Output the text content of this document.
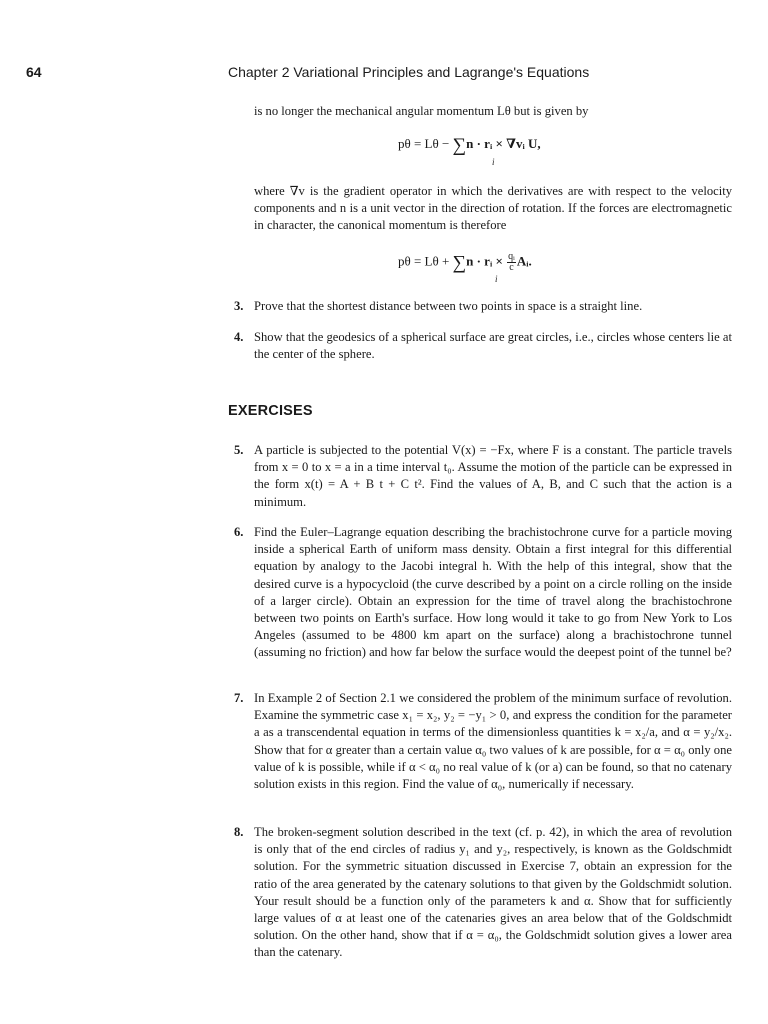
64	Chapter 2 Variational Principles and Lagrange's Equations

is no longer the mechanical angular momentum Lθ but is given by

pθ = Lθ − ∑n · rᵢ × ∇vᵢ U,
i

where ∇v is the gradient operator in which the derivatives are with respect to the velocity components and n is a unit vector in the direction of rotation. If the forces are electromagnetic in character, the canonical momentum is therefore

pθ = Lθ + ∑n · rᵢ × $\frac{\text{qᵢ}}{c}$ Aᵢ.
i
3. Prove that the shortest distance between two points in space is a straight line.
4. Show that the geodesics of a spherical surface are great circles, i.e., circles whose centers lie at the center of the sphere.
EXERCISES
5. A particle is subjected to the potential V(x) = −Fx, where F is a constant. The particle travels from x = 0 to x = a in a time interval t₀. Assume the motion of the particle can be expressed in the form x(t) = A + B t + C t². Find the values of A, B, and C such that the action is a minimum.
6. Find the Euler–Lagrange equation describing the brachistochrone curve for a particle moving inside a spherical Earth of uniform mass density. Obtain a first integral for this differential equation by analogy to the Jacobi integral h. With the help of this integral, show that the desired curve is a hypocycloid (the curve described by a point on a circle rolling on the inside of a larger circle). Obtain an expression for the time of travel along the brachistochrone between two points on Earth's surface. How long would it take to go from New York to Los Angeles (assumed to be 4800 km apart on the surface) along a brachistochrone tunnel (assuming no friction) and how far below the surface would the deepest point of the tunnel be?
7. In Example 2 of Section 2.1 we considered the problem of the minimum surface of revolution. Examine the symmetric case x₁ = x₂, y₂ = −y₁ > 0, and express the condition for the parameter a as a transcendental equation in terms of the dimensionless quantities k = x₂/a, and α = y₂/x₂. Show that for α greater than a certain value α₀ two values of k are possible, for α = α₀ only one value of k is possible, while if α < α₀ no real value of k (or a) can be found, so that no catenary solution exists in this region. Find the value of α₀, numerically if necessary.
8. The broken-segment solution described in the text (cf. p. 42), in which the area of revolution is only that of the end circles of radius y₁ and y₂, respectively, is known as the Goldschmidt solution. For the symmetric situation discussed in Exercise 7, obtain an expression for the ratio of the area generated by the catenary solutions to that given by the Goldschmidt solution. Your result should be a function only of the parameters k and α. Show that for sufficiently large values of α at least one of the catenaries gives an area below that of the Goldschmidt solution. On the other hand, show that if α = α₀, the Goldschmidt solution gives a lower area than the catenary.
